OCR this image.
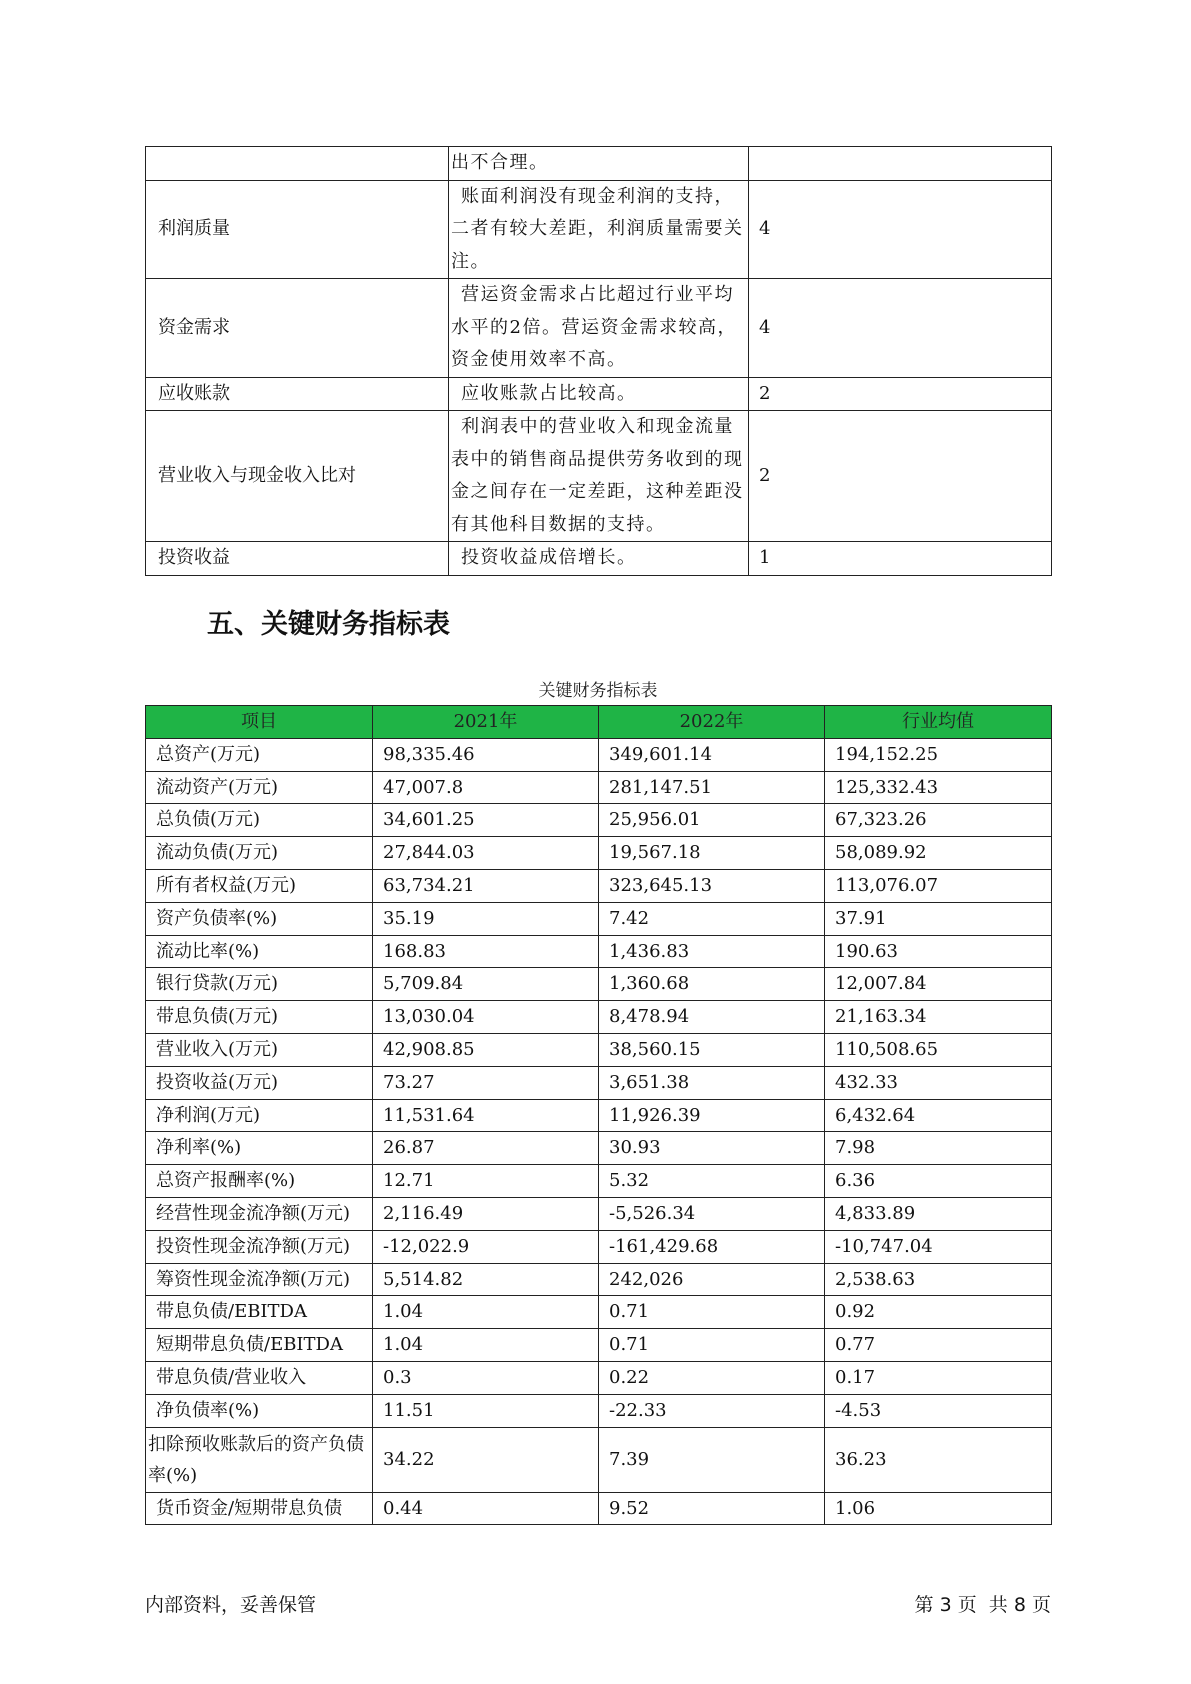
	出不合理。	
利润质量	账面利润没有现金利润的支持，二者有较大差距，利润质量需要关注。	4
资金需求	营运资金需求占比超过行业平均水平的2倍。营运资金需求较高，资金使用效率不高。	4
应收账款	应收账款占比较高。	2
营业收入与现金收入比对	利润表中的营业收入和现金流量表中的销售商品提供劳务收到的现金之间存在一定差距，这种差距没有其他科目数据的支持。	2
投资收益	投资收益成倍增长。	1
五、关键财务指标表
关键财务指标表
项目	2021年	2022年	行业均值
总资产(万元)	98,335.46	349,601.14	194,152.25
流动资产(万元)	47,007.8	281,147.51	125,332.43
总负债(万元)	34,601.25	25,956.01	67,323.26
流动负债(万元)	27,844.03	19,567.18	58,089.92
所有者权益(万元)	63,734.21	323,645.13	113,076.07
资产负债率(%)	35.19	7.42	37.91
流动比率(%)	168.83	1,436.83	190.63
银行贷款(万元)	5,709.84	1,360.68	12,007.84
带息负债(万元)	13,030.04	8,478.94	21,163.34
营业收入(万元)	42,908.85	38,560.15	110,508.65
投资收益(万元)	73.27	3,651.38	432.33
净利润(万元)	11,531.64	11,926.39	6,432.64
净利率(%)	26.87	30.93	7.98
总资产报酬率(%)	12.71	5.32	6.36
经营性现金流净额(万元)	2,116.49	-5,526.34	4,833.89
投资性现金流净额(万元)	-12,022.9	-161,429.68	-10,747.04
筹资性现金流净额(万元)	5,514.82	242,026	2,538.63
带息负债/EBITDA	1.04	0.71	0.92
短期带息负债/EBITDA	1.04	0.71	0.77
带息负债/营业收入	0.3	0.22	0.17
净负债率(%)	11.51	-22.33	-4.53
扣除预收账款后的资产负债率(%)	34.22	7.39	36.23
货币资金/短期带息负债	0.44	9.52	1.06
内部资料，妥善保管	第 3 页  共 8 页
